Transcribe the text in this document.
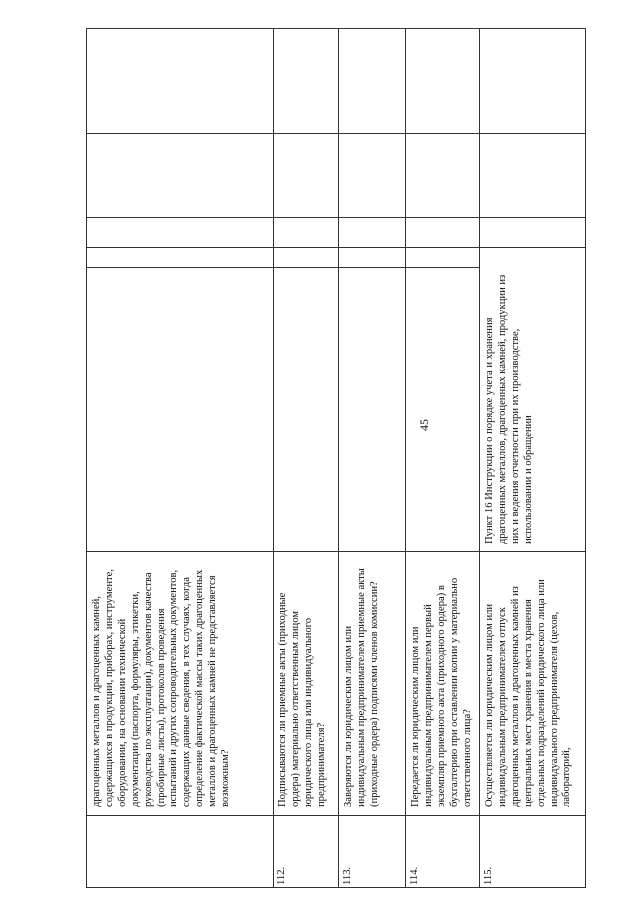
45

драгоценных металлов и драгоценных камней, содержащихся в продукции, приборах, инструменте, оборудовании, на основании технической документации (паспорта, формуляры, этикетки, руководства по эксплуатации), документов качества (пробирные листы), протоколов проведения испытаний и других сопроводительных документов, содержащих данные сведения, в тех случаях, когда определение фактической массы таких драгоценных металлов и драгоценных камней не представляется возможным?

112.

Подписываются ли приемные акты (приходные ордера) материально ответственным лицом юридического лица или индивидуального предпринимателя?

113.

Заверяются ли юридическим лицом или индивидуальным предпринимателем приемные акты (приходные ордера) подписями членов комиссии?

114.

Передается ли юридическим лицом или индивидуальным предпринимателем первый экземпляр приемного акта (приходного ордера) в бухгалтерию при оставлении копии у материально ответственного лица?

115.

Осуществляется ли юридическим лицом или индивидуальным предпринимателем отпуск драгоценных металлов и драгоценных камней из центральных мест хранения в места хранения отдельных подразделений юридического лица или индивидуального предпринимателя (цехов, лабораторий,

Пункт 16 Инструкции о порядке учета и хранения драгоценных металлов, драгоценных камней, продукции из них и ведения отчетности при их производстве, использовании и обращении
